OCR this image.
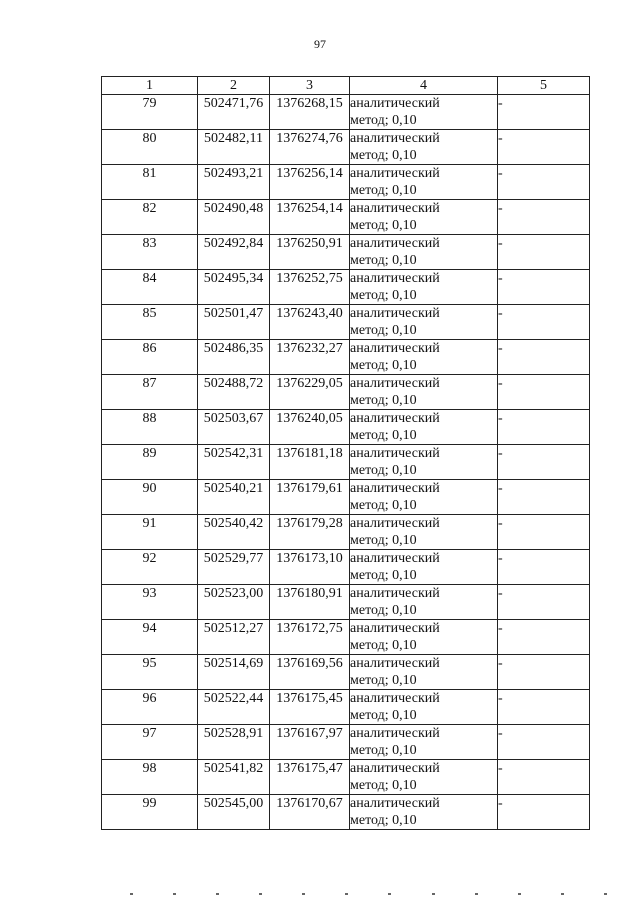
97
1	2	3	4	5
79	502471,76	1376268,15	аналитический
метод; 0,10	-
80	502482,11	1376274,76	аналитический
метод; 0,10	-
81	502493,21	1376256,14	аналитический
метод; 0,10	-
82	502490,48	1376254,14	аналитический
метод; 0,10	-
83	502492,84	1376250,91	аналитический
метод; 0,10	-
84	502495,34	1376252,75	аналитический
метод; 0,10	-
85	502501,47	1376243,40	аналитический
метод; 0,10	-
86	502486,35	1376232,27	аналитический
метод; 0,10	-
87	502488,72	1376229,05	аналитический
метод; 0,10	-
88	502503,67	1376240,05	аналитический
метод; 0,10	-
89	502542,31	1376181,18	аналитический
метод; 0,10	-
90	502540,21	1376179,61	аналитический
метод; 0,10	-
91	502540,42	1376179,28	аналитический
метод; 0,10	-
92	502529,77	1376173,10	аналитический
метод; 0,10	-
93	502523,00	1376180,91	аналитический
метод; 0,10	-
94	502512,27	1376172,75	аналитический
метод; 0,10	-
95	502514,69	1376169,56	аналитический
метод; 0,10	-
96	502522,44	1376175,45	аналитический
метод; 0,10	-
97	502528,91	1376167,97	аналитический
метод; 0,10	-
98	502541,82	1376175,47	аналитический
метод; 0,10	-
99	502545,00	1376170,67	аналитический
метод; 0,10	-
